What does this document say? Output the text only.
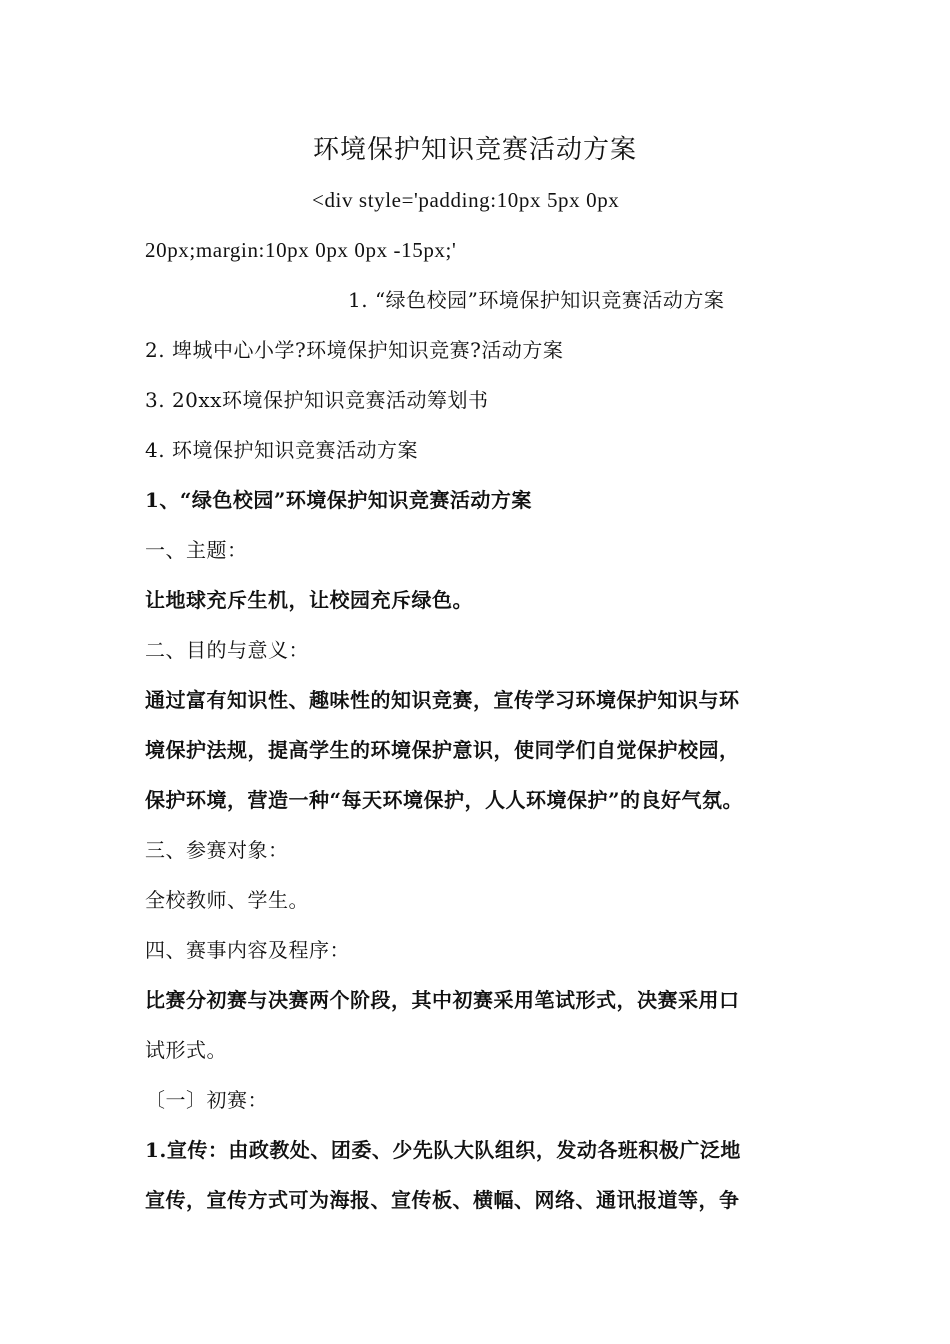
环境保护知识竞赛活动方案
<div style='padding:10px 5px 0px
20px;margin:10px 0px 0px -15px;'
1. “绿色校园”环境保护知识竞赛活动方案
2. 埤城中心小学?环境保护知识竞赛?活动方案
3. 20xx环境保护知识竞赛活动筹划书
4. 环境保护知识竞赛活动方案
1、“绿色校园”环境保护知识竞赛活动方案
一、主题：
让地球充斥生机，让校园充斥绿色。
二、目的与意义：
通过富有知识性、趣味性的知识竞赛，宣传学习环境保护知识与环
境保护法规，提高学生的环境保护意识，使同学们自觉保护校园，
保护环境，营造一种“每天环境保护，人人环境保护”的良好气氛。
三、参赛对象：
全校教师、学生。
四、赛事内容及程序：
比赛分初赛与决赛两个阶段，其中初赛采用笔试形式，决赛采用口
试形式。
〔一〕初赛：
1.宣传：由政教处、团委、少先队大队组织，发动各班积极广泛地
宣传，宣传方式可为海报、宣传板、横幅、网络、通讯报道等，争
